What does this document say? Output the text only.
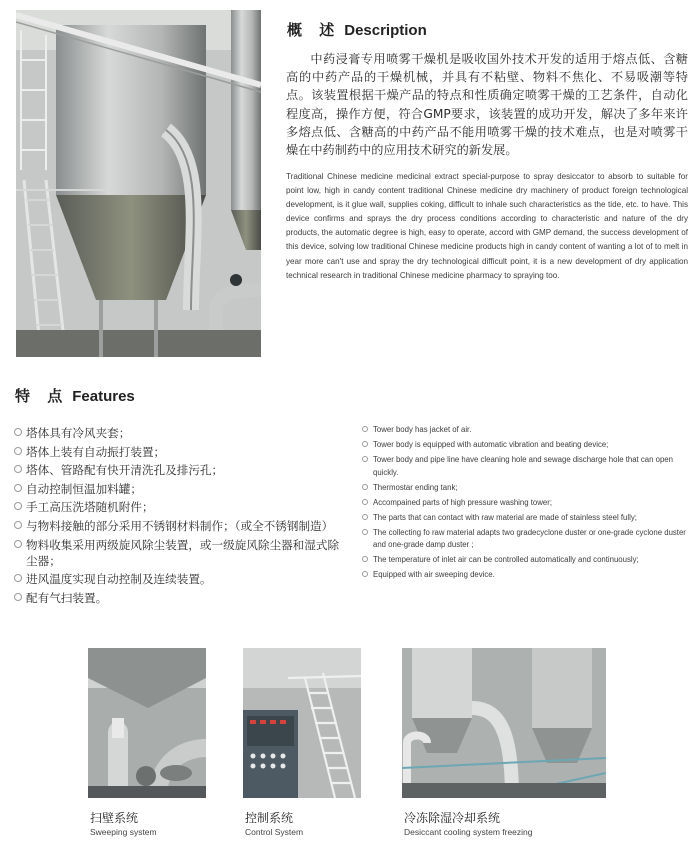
概 述 Description
中药浸膏专用喷雾干燥机是吸收国外技术开发的适用于熔点低、含糖高的中药产品的干燥机械，并具有不粘壁、物料不焦化、不易吸潮等特点。该装置根据干燥产品的特点和性质确定喷雾干燥的工艺条件，自动化程度高，操作方便，符合GMP要求，该装置的成功开发，解决了多年来许多熔点低、含糖高的中药产品不能用喷雾干燥的技术难点，也是对喷雾干燥在中药制药中的应用技术研究的新发展。
Traditional Chinese medicine medicinal extract special-purpose to spray desiccator to absorb to suitable for point low, high in candy content traditional Chinese medicine dry machinery of product foreign technological development, is it glue wall, supplies coking, difficult to inhale such characteristics as the tide, etc. to have. This device confirms and sprays the dry process conditions according to characteristic and nature of the dry products, the automatic degree is high, easy to operate, accord with GMP demand, the success development of this device, solving low traditional Chinese medicine products high in candy content of wanting a lot of to melt in year more can't use and spray the dry technological difficult point, it is a new development of dry application technical research in traditional Chinese medicine pharmacy to spraying too.
特 点 Features
塔体具有冷风夹套；
塔体上装有自动振打装置；
塔体、管路配有快开清洗孔及排污孔；
自动控制恒温加料罐；
手工高压洗塔随机附件；
与物料接触的部分采用不锈钢材料制作；（或全不锈钢制造）
物料收集采用两级旋风除尘装置，或一级旋风除尘器和湿式除尘器；
进风温度实现自动控制及连续装置。
配有气扫装置。
Tower body has jacket of air.
Tower body is equipped with automatic vibration and beating device;
Tower body and pipe line have cleaning hole and sewage discharge hole that can open quickly.
Thermostar ending tank;
Accompained parts of high pressure washing tower;
The parts that can contact with raw material are made of stainless steel fully;
The collecting fo raw material adapts two gradecyclone duster or one-grade cyclone duster and one-grade damp duster ;
The temperature of inlet air can be controlled automatically and continuously;
Equipped with air sweeping device.
扫壁系统
Sweeping system
控制系统
Control System
冷冻除湿冷却系统
Desiccant cooling system freezing
